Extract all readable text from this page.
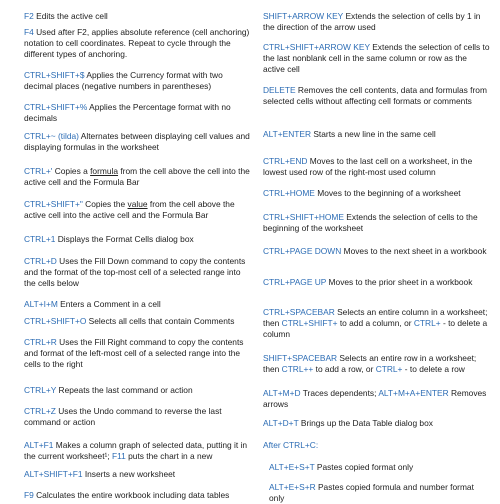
F2 Edits the active cell

F4 Used after F2, applies absolute reference (cell anchoring) notation to cell coordinates. Repeat to cycle through the different types of anchoring.

CTRL+SHIFT+$ Applies the Currency format with two decimal places (negative numbers in parentheses)

CTRL+SHIFT+% Applies the Percentage format with no decimals

CTRL+~ (tilda) Alternates between displaying cell values and displaying formulas in the worksheet

CTRL+' Copies a formula from the cell above the cell into the active cell and the Formula Bar

CTRL+SHIFT+" Copies the value from the cell above the active cell into the active cell and the Formula Bar

CTRL+1 Displays the Format Cells dialog box

CTRL+D Uses the Fill Down command to copy the contents and the format of the top-most cell of a selected range into the cells below

ALT+I+M Enters a Comment in a cell

CTRL+SHIFT+O Selects all cells that contain Comments

CTRL+R Uses the Fill Right command to copy the contents and format of the left-most cell of a selected range into the cells to the right

CTRL+Y Repeats the last command or action

CTRL+Z Uses the Undo command to reverse the last command or action

ALT+F1 Makes a column graph of selected data, putting it in the current worksheet¹; F11 puts the chart in a new

ALT+SHIFT+F1 Inserts a new worksheet

F9 Calculates the entire workbook including data tables

SHIFT+ARROW KEY Extends the selection of cells by 1 in the direction of the arrow used

CTRL+SHIFT+ARROW KEY Extends the selection of cells to the last nonblank cell in the same column or row as the active cell

DELETE Removes the cell contents, data and formulas from selected cells without affecting cell formats or comments

ALT+ENTER Starts a new line in the same cell

CTRL+END Moves to the last cell on a worksheet, in the lowest used row of the right-most used column

CTRL+HOME Moves to the beginning of a worksheet

CTRL+SHIFT+HOME Extends the selection of cells to the beginning of the worksheet

CTRL+PAGE DOWN Moves to the next sheet in a workbook

CTRL+PAGE UP Moves to the prior sheet in a workbook

CTRL+SPACEBAR Selects an entire column in a worksheet; then CTRL+SHIFT+ to add a column, or CTRL+ - to delete a column

SHIFT+SPACEBAR Selects an entire row in a worksheet; then CTRL++ to add a row, or CTRL+ - to delete a row

ALT+M+D Traces dependents; ALT+M+A+ENTER Removes arrows

ALT+D+T Brings up the Data Table dialog box

After CTRL+C:

ALT+E+S+T Pastes copied format only

ALT+E+S+R Pastes copied formula and number format only
